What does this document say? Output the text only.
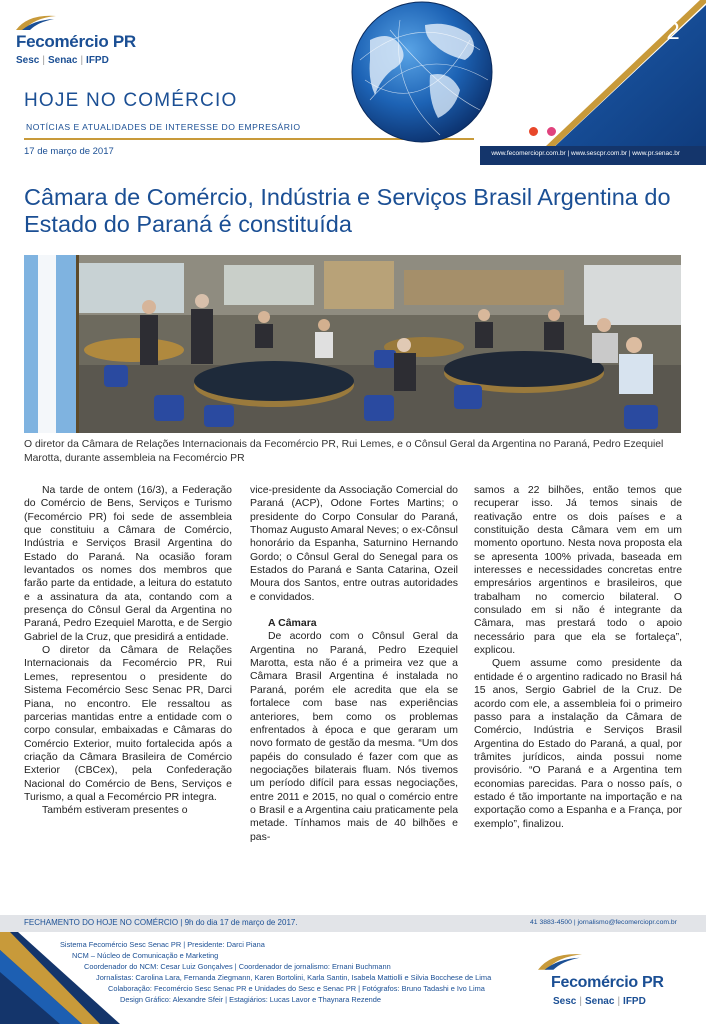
Fecomércio PR
Sesc | Senac | IFPD
HOJE NO COMÉRCIO
NOTÍCIAS E ATUALIDADES DE INTERESSE DO EMPRESÁRIO
17 de março de 2017
2
www.fecomerciopr.com.br | www.sescpr.com.br | www.pr.senac.br
Câmara de Comércio, Indústria e Serviços Brasil Argentina do Estado do Paraná é constituída
O diretor da Câmara de Relações Internacionais da Fecomércio PR, Rui Lemes, e o Cônsul Geral da Argentina no Paraná, Pedro Ezequiel Marotta, durante assembleia na Fecomércio PR

Na tarde de ontem (16/3), a Federação do Comércio de Bens, Serviços e Turismo (Fecomércio PR) foi sede de assembleia que constituiu a Câmara de Comércio, Indústria e Serviços Brasil Argentina do Estado do Paraná. Na ocasião foram levantados os nomes dos membros que farão parte da entidade, a leitura do estatuto e a assinatura da ata, contando com a presença do Cônsul Geral da Argentina no Paraná, Pedro Ezequiel Marotta, e de Sergio Gabriel de la Cruz, que presidirá a entidade.

O diretor da Câmara de Relações Internacionais da Fecomércio PR, Rui Lemes, representou o presidente do Sistema Fecomércio Sesc Senac PR, Darci Piana, no encontro. Ele ressaltou as parcerias mantidas entre a entidade com o corpo consular, embaixadas e Câmaras do Comércio Exterior, muito fortalecida após a criação da Câmara Brasileira de Comércio Exterior (CBCex), pela Confederação Nacional do Comércio de Bens, Serviços e Turismo, a qual a Fecomércio PR integra.

Também estiveram presentes o

vice-presidente da Associação Comercial do Paraná (ACP), Odone Fortes Martins; o presidente do Corpo Consular do Paraná, Thomaz Augusto Amaral Neves; o ex-Cônsul honorário da Espanha, Saturnino Hernando Gordo; o Cônsul Geral do Senegal para os Estados do Paraná e Santa Catarina, Ozeil Moura dos Santos, entre outras autoridades e convidados.

A Câmara

De acordo com o Cônsul Geral da Argentina no Paraná, Pedro Ezequiel Marotta, esta não é a primeira vez que a Câmara Brasil Argentina é instalada no Paraná, porém ele acredita que ela se fortalece com base nas experiências anteriores, bem como os problemas enfrentados à época e que geraram um novo formato de gestão da mesma. “Um dos papéis do consulado é fazer com que as negociações bilaterais fluam. Nós tivemos um período difícil para essas negociações, entre 2011 e 2015, no qual o comércio entre o Brasil e a Argentina caiu praticamente pela metade. Tínhamos mais de 40 bilhões e pas-

samos a 22 bilhões, então temos que recuperar isso. Já temos sinais de reativação entre os dois países e a constituição desta Câmara vem em um momento oportuno. Nesta nova proposta ela se apresenta 100% privada, baseada em interesses e necessidades concretas entre empresários argentinos e brasileiros, que trabalham no comercio bilateral. O consulado em si não é integrante da Câmara, mas prestará todo o apoio necessário para que ela se fortaleça”, explicou.

Quem assume como presidente da entidade é o argentino radicado no Brasil há 15 anos, Sergio Gabriel de la Cruz. De acordo com ele, a assembleia foi o primeiro passo para a instalação da Câmara de Comércio, Indústria e Serviços Brasil Argentina do Estado do Paraná, a qual, por trâmites jurídicos, ainda possui nome provisório. “O Paraná e a Argentina tem economias parecidas. Para o nosso país, o estado é tão importante na importação e na exportação como a Espanha e a França, por exemplo”, finalizou.

FECHAMENTO DO HOJE NO COMÉRCIO | 9h do dia 17 de março de 2017.	41 3883-4500 | jornalismo@fecomerciopr.com.br
Sistema Fecomércio Sesc Senac PR | Presidente: Darci Piana
NCM – Núcleo de Comunicação e Marketing
Coordenador do NCM: Cesar Luiz Gonçalves | Coordenador de jornalismo: Ernani Buchmann
Jornalistas: Carolina Lara, Fernanda Ziegmann, Karen Bortolini, Karla Santin, Isabela Mattiolli e Silvia Bocchese de Lima
Colaboração: Fecomércio Sesc Senac PR e Unidades do Sesc e Senac PR | Fotógrafos: Bruno Tadashi e Ivo Lima
Design Gráfico: Alexandre Sfeir | Estagiários: Lucas Lavor e Thaynara Rezende
Fecomércio PR
Sesc | Senac | IFPD
